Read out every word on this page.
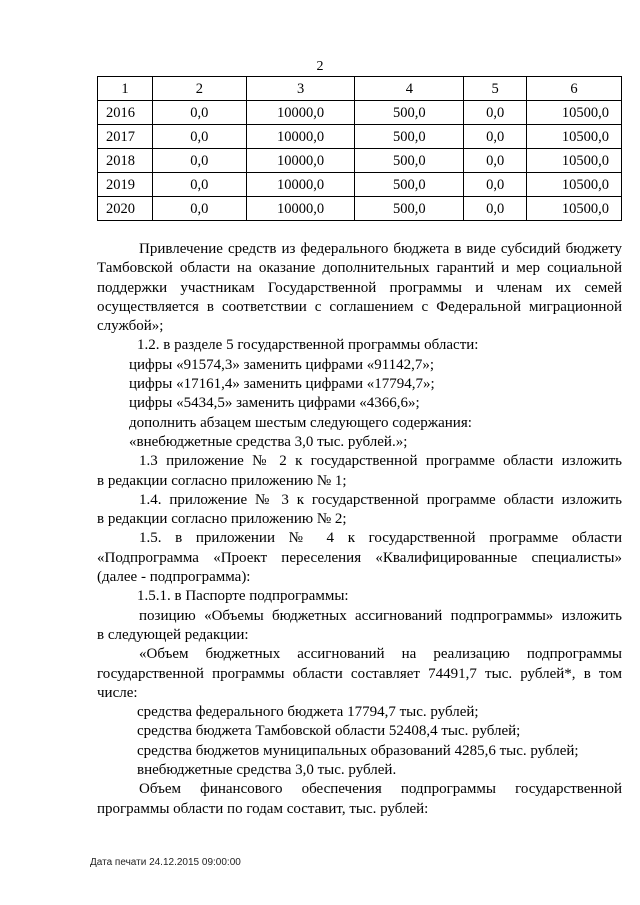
2
1	2	3	4	5	6
2016	0,0	10000,0	500,0	0,0	10500,0
2017	0,0	10000,0	500,0	0,0	10500,0
2018	0,0	10000,0	500,0	0,0	10500,0
2019	0,0	10000,0	500,0	0,0	10500,0
2020	0,0	10000,0	500,0	0,0	10500,0

Привлечение средств из федерального бюджета в виде субсидий бюджету

Тамбовской области на оказание дополнительных гарантий и мер социальной

поддержки участникам Государственной программы и членам их семей

осуществляется в соответствии с соглашением с Федеральной миграционной

службой»;

1.2. в разделе 5 государственной программы области:

цифры «91574,3» заменить цифрами «91142,7»;

цифры «17161,4» заменить цифрами «17794,7»;

цифры «5434,5» заменить цифрами «4366,6»;

дополнить абзацем шестым следующего содержания:

«внебюджетные средства 3,0 тыс. рублей.»;

1.3 приложение № 2 к государственной программе области изложить

в редакции согласно приложению № 1;

1.4. приложение № 3 к государственной программе области изложить

в редакции согласно приложению № 2;

1.5. в приложении № 4 к государственной программе области

«Подпрограмма «Проект переселения «Квалифицированные специалисты»

(далее - подпрограмма):

1.5.1. в Паспорте подпрограммы:

позицию «Объемы бюджетных ассигнований подпрограммы» изложить

в следующей редакции:

«Объем бюджетных ассигнований на реализацию подпрограммы

государственной программы области составляет 74491,7 тыс. рублей*, в том

числе:

средства федерального бюджета 17794,7 тыс. рублей;

средства бюджета Тамбовской области 52408,4 тыс. рублей;

средства бюджетов муниципальных образований 4285,6 тыс. рублей;

внебюджетные средства 3,0 тыс. рублей.

Объем финансового обеспечения подпрограммы государственной

программы области по годам составит, тыс. рублей:

Дата печати 24.12.2015 09:00:00
